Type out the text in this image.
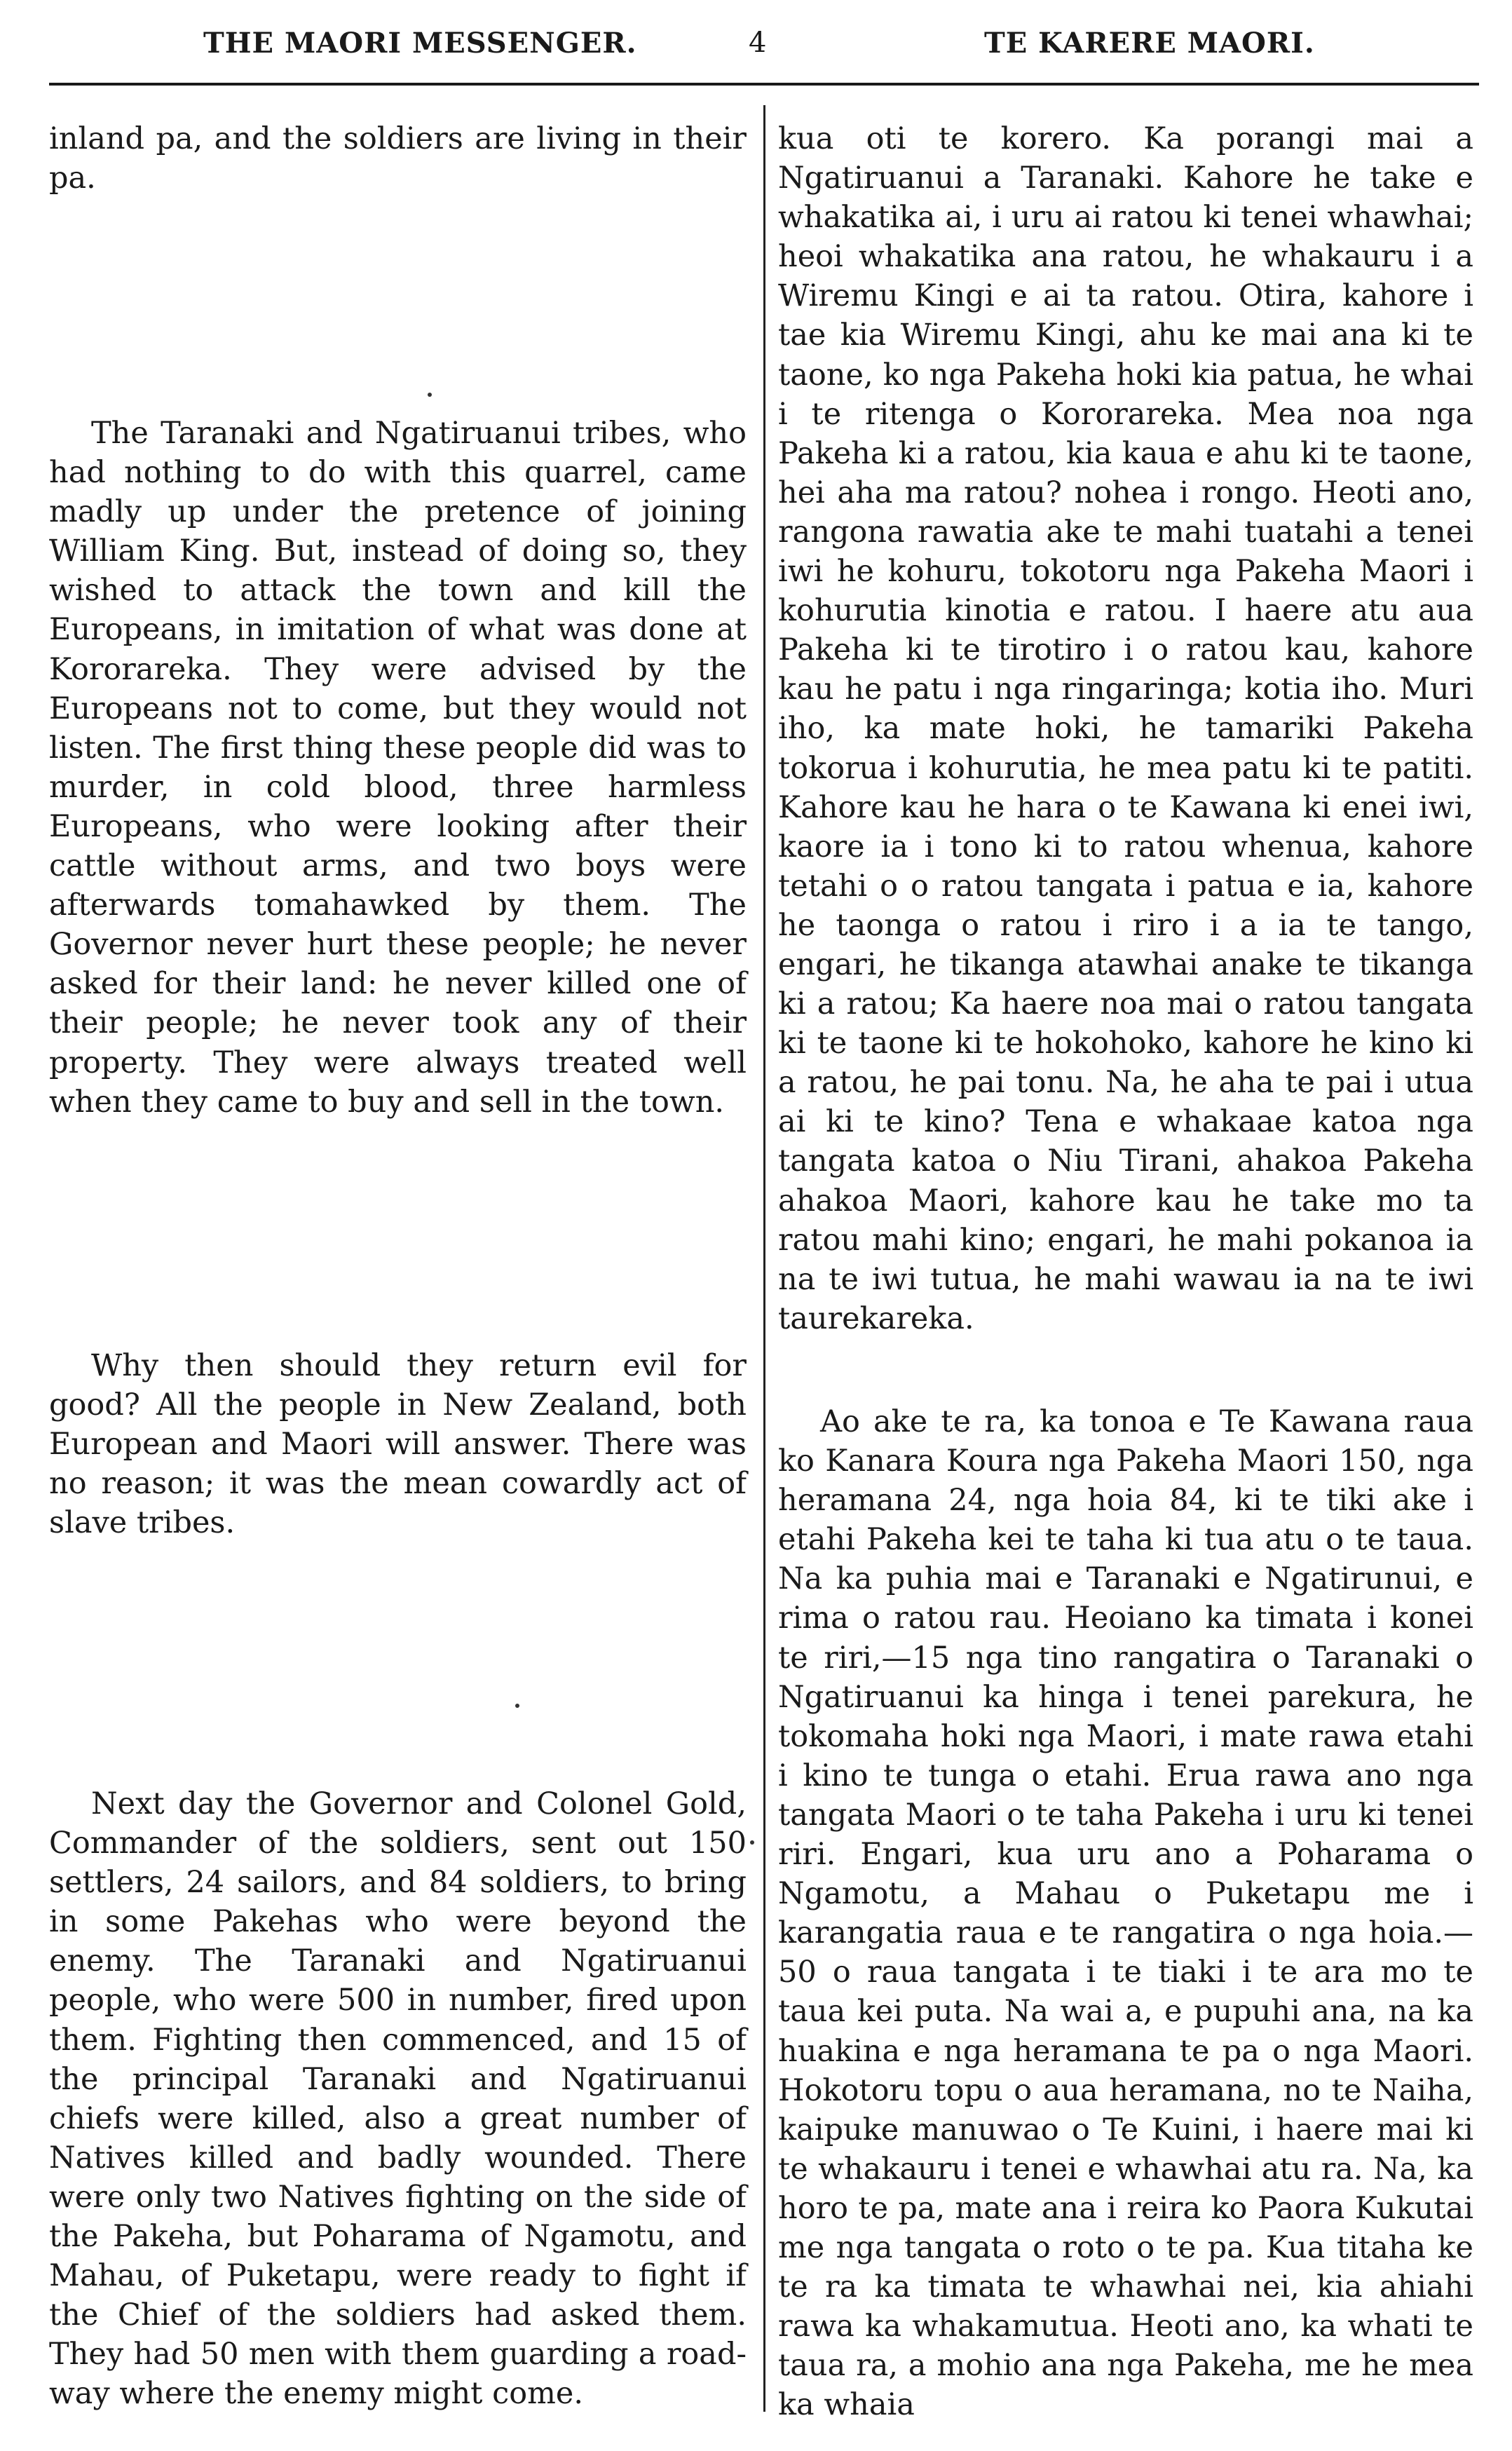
THE MAORI MESSENGER.	4	TE KARERE MAORI.
inland pa, and the soldiers are living in their pa.
The Taranaki and Ngatiruanui tribes, who had nothing to do with this quarrel, came madly up under the pretence of joining William King. But, instead of doing so, they wished to attack the town and kill the Europeans, in imitation of what was done at Kororareka. They were advised by the Europeans not to come, but they would not listen. The first thing these people did was to murder, in cold blood, three harmless Europeans, who were looking after their cattle without arms, and two boys were afterwards tomahawked by them. The Governor never hurt these people; he never asked for their land: he never killed one of their people; he never took any of their property. They were always treated well when they came to buy and sell in the town.
Why then should they return evil for good? All the people in New Zealand, both European and Maori will answer. There was no reason; it was the mean cowardly act of slave tribes.
Next day the Governor and Colonel Gold, Commander of the soldiers, sent out 150 settlers, 24 sailors, and 84 soldiers, to bring in some Pakehas who were beyond the enemy. The Taranaki and Ngatiruanui people, who were 500 in number, fired upon them. Fighting then commenced, and 15 of the principal Taranaki and Ngatiruanui chiefs were killed, also a great number of Natives killed and badly wounded. There were only two Natives fighting on the side of the Pakeha, but Poharama of Ngamotu, and Mahau, of Puketapu, were ready to fight if the Chief of the soldiers had asked them. They had 50 men with them guarding a road-way where the enemy might come.
kua oti te korero. Ka porangi mai a Ngatiruanui a Taranaki. Kahore he take e whakatika ai, i uru ai ratou ki tenei whawhai; heoi whakatika ana ratou, he whakauru i a Wiremu Kingi e ai ta ratou. Otira, kahore i tae kia Wiremu Kingi, ahu ke mai ana ki te taone, ko nga Pakeha hoki kia patua, he whai i te ritenga o Kororareka. Mea noa nga Pakeha ki a ratou, kia kaua e ahu ki te taone, hei aha ma ratou? nohea i rongo. Heoti ano, rangona rawatia ake te mahi tuatahi a tenei iwi he kohuru, tokotoru nga Pakeha Maori i kohurutia kinotia e ratou. I haere atu aua Pakeha ki te tirotiro i o ratou kau, kahore kau he patu i nga ringaringa; kotia iho. Muri iho, ka mate hoki, he tamariki Pakeha tokorua i kohurutia, he mea patu ki te patiti. Kahore kau he hara o te Kawana ki enei iwi, kaore ia i tono ki to ratou whenua, kahore tetahi o o ratou tangata i patua e ia, kahore he taonga o ratou i riro i a ia te tango, engari, he tikanga atawhai anake te tikanga ki a ratou; Ka haere noa mai o ratou tangata ki te taone ki te hokohoko, kahore he kino ki a ratou, he pai tonu. Na, he aha te pai i utua ai ki te kino? Tena e whakaae katoa nga tangata katoa o Niu Tirani, ahakoa Pakeha ahakoa Maori, kahore kau he take mo ta ratou mahi kino; engari, he mahi pokanoa ia na te iwi tutua, he mahi wawau ia na te iwi taurekareka.
Ao ake te ra, ka tonoa e Te Kawana raua ko Kanara Koura nga Pakeha Maori 150, nga heramana 24, nga hoia 84, ki te tiki ake i etahi Pakeha kei te taha ki tua atu o te taua. Na ka puhia mai e Taranaki e Ngatirunui, e rima o ratou rau. Heoiano ka timata i konei te riri,—15 nga tino rangatira o Taranaki o Ngatiruanui ka hinga i tenei parekura, he tokomaha hoki nga Maori, i mate rawa etahi i kino te tunga o etahi. Erua rawa ano nga tangata Maori o te taha Pakeha i uru ki tenei riri. Engari, kua uru ano a Poharama o Ngamotu, a Mahau o Puketapu me i karangatia raua e te rangatira o nga hoia.—50 o raua tangata i te tiaki i te ara mo te taua kei puta. Na wai a, e pupuhi ana, na ka huakina e nga heramana te pa o nga Maori. Hokotoru topu o aua heramana, no te Naiha, kaipuke manuwao o Te Kuini, i haere mai ki te whakauru i tenei e whawhai atu ra. Na, ka horo te pa, mate ana i reira ko Paora Kukutai me nga tangata o roto o te pa. Kua titaha ke te ra ka timata te whawhai nei, kia ahiahi rawa ka whakamutua. Heoti ano, ka whati te taua ra, a mohio ana nga Pakeha, me he mea ka whaia
